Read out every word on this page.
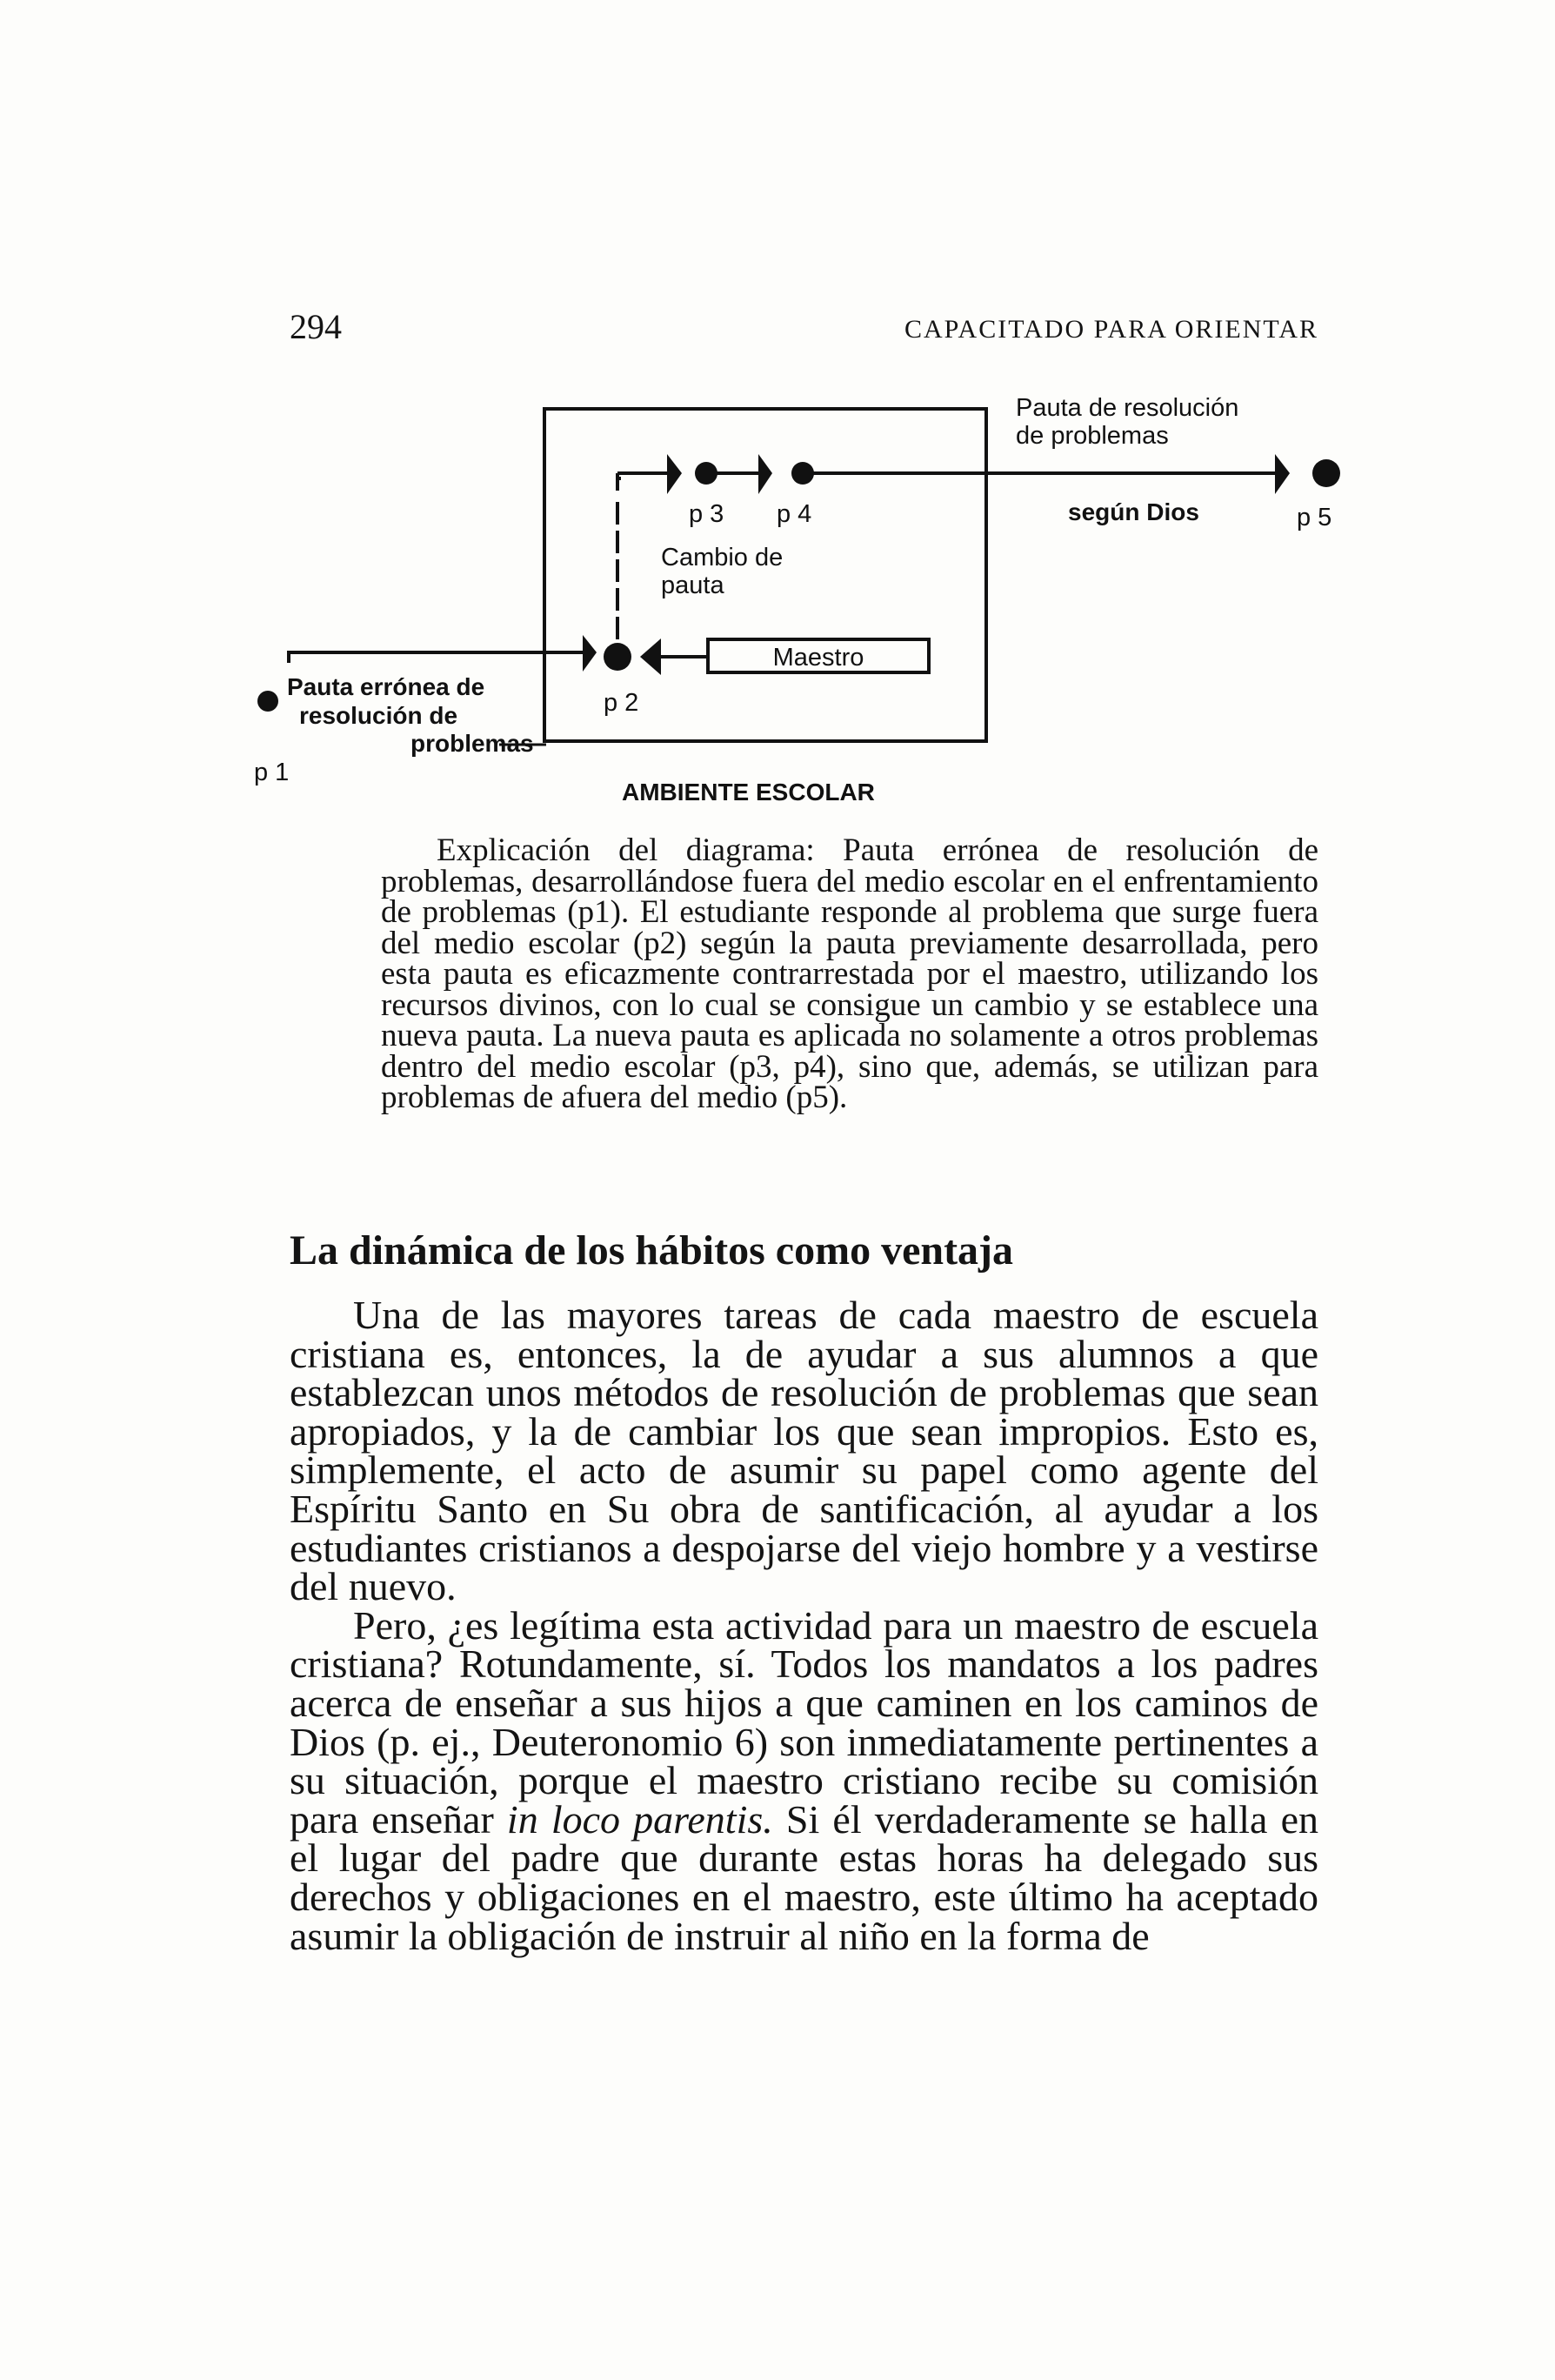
294	CAPACITADO PARA ORIENTAR
Maestro
p 1
p 2
p 3 p 4	p 5
Pauta errónea de
resolución de
problemas
Pauta de resolución
de problemas
según Dios
Cambio de
pauta
AMBIENTE ESCOLAR

Explicación del diagrama: Pauta errónea de resolución de problemas, desarrollándose fuera del medio escolar en el enfrentamiento de problemas (p1). El estudiante responde al problema que surge fuera del medio escolar (p2) según la pauta previamente desarrollada, pero esta pauta es eficazmente contrarrestada por el maestro, utilizando los recursos divinos, con lo cual se consigue un cambio y se establece una nueva pauta. La nueva pauta es aplicada no solamente a otros problemas dentro del medio escolar (p3, p4), sino que, además, se utilizan para problemas de afuera del medio (p5).

La dinámica de los hábitos como ventaja

Una de las mayores tareas de cada maestro de escuela cristiana es, entonces, la de ayudar a sus alumnos a que establezcan unos métodos de resolución de problemas que sean apropiados, y la de cambiar los que sean impropios. Esto es, simplemente, el acto de asumir su papel como agente del Espíritu Santo en Su obra de santificación, al ayudar a los estudiantes cristianos a despojarse del viejo hombre y a vestirse del nuevo.

Pero, ¿es legítima esta actividad para un maestro de escuela cristiana? Rotundamente, sí. Todos los mandatos a los padres acerca de enseñar a sus hijos a que caminen en los caminos de Dios (p. ej., Deuteronomio 6) son inmediatamente pertinentes a su situación, porque el maestro cristiano recibe su comisión para enseñar in loco parentis. Si él verdaderamente se halla en el lugar del padre que durante estas horas ha delegado sus derechos y obligaciones en el maestro, este último ha aceptado asumir la obligación de instruir al niño en la forma de
